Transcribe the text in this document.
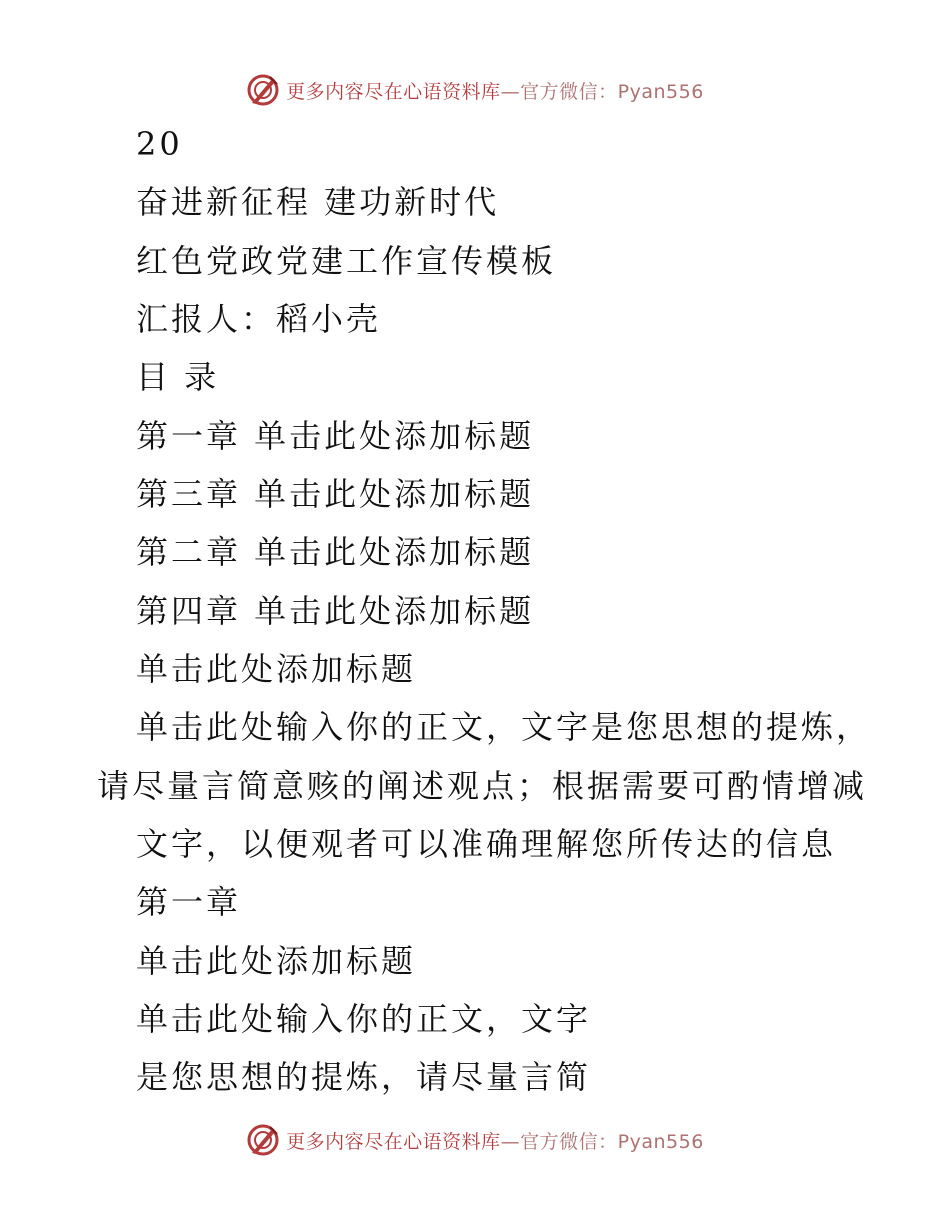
更多内容尽在心语资料库—官方微信：Pyan556
20
奋进新征程 建功新时代
红色党政党建工作宣传模板
汇报人：稻小壳
目 录
第一章 单击此处添加标题
第三章 单击此处添加标题
第二章 单击此处添加标题
第四章 单击此处添加标题
单击此处添加标题
单击此处输入你的正文，文字是您思想的提炼，
请尽量言简意赅的阐述观点；根据需要可酌情增减
文字，以便观者可以准确理解您所传达的信息
第一章
单击此处添加标题
单击此处输入你的正文，文字
是您思想的提炼，请尽量言简
更多内容尽在心语资料库—官方微信：Pyan556
